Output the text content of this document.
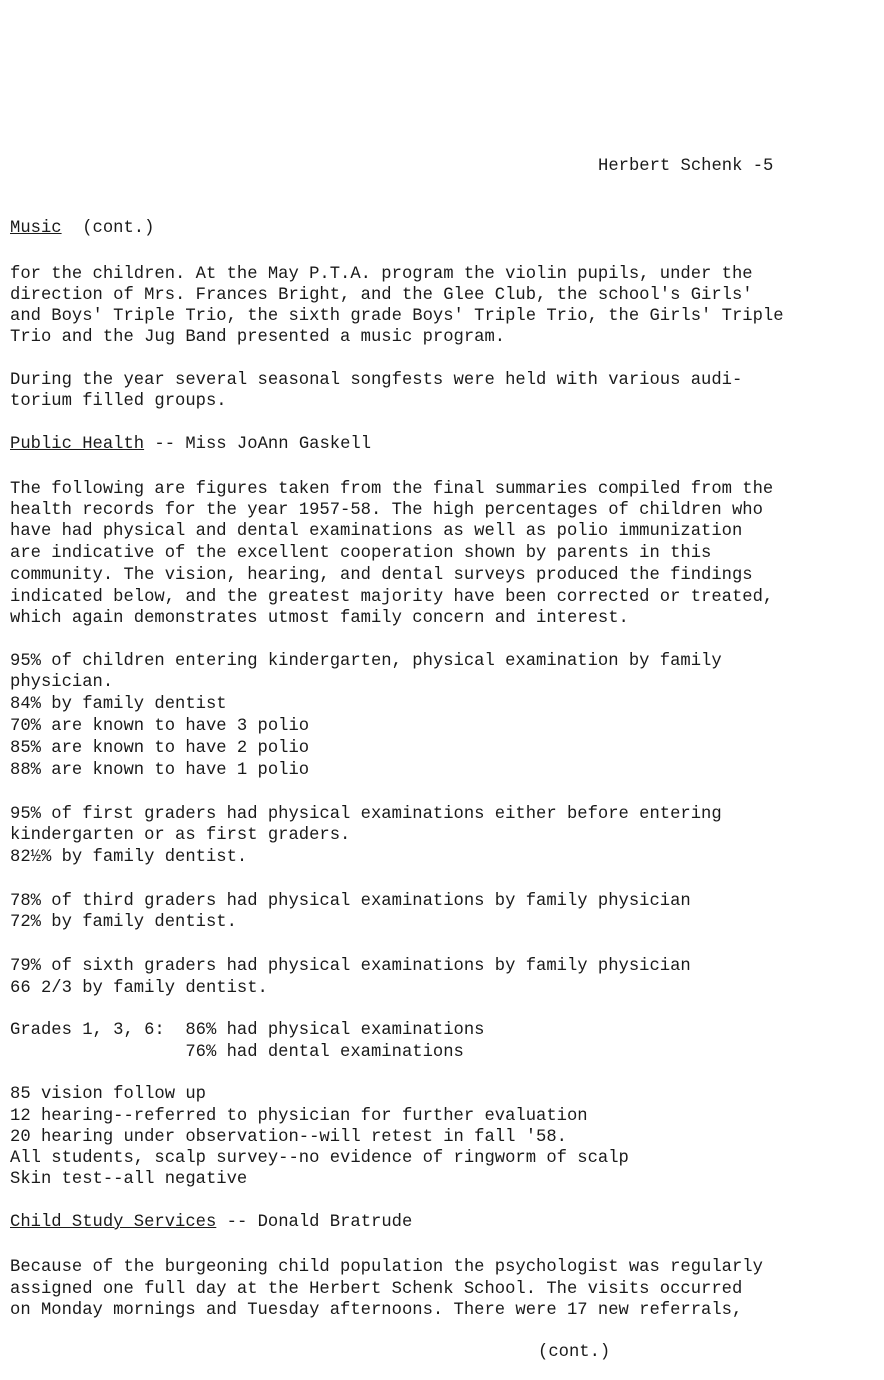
Herbert Schenk -5
Music (cont.)
for the children. At the May P.T.A. program the violin pupils, under the
direction of Mrs. Frances Bright, and the Glee Club, the school's Girls'
and Boys' Triple Trio, the sixth grade Boys' Triple Trio, the Girls' Triple
Trio and the Jug Band presented a music program.
During the year several seasonal songfests were held with various audi-
torium filled groups.
Public Health -- Miss JoAnn Gaskell
The following are figures taken from the final summaries compiled from the
health records for the year 1957-58. The high percentages of children who
have had physical and dental examinations as well as polio immunization
are indicative of the excellent cooperation shown by parents in this
community. The vision, hearing, and dental surveys produced the findings
indicated below, and the greatest majority have been corrected or treated,
which again demonstrates utmost family concern and interest.
95% of children entering kindergarten, physical examination by family
physician.
84% by family dentist
70% are known to have 3 polio
85% are known to have 2 polio
88% are known to have 1 polio
95% of first graders had physical examinations either before entering
kindergarten or as first graders.
82½% by family dentist.
78% of third graders had physical examinations by family physician
72% by family dentist.
79% of sixth graders had physical examinations by family physician
66 2/3 by family dentist.
Grades 1, 3, 6:  86% had physical examinations
76% had dental examinations
85 vision follow up
12 hearing--referred to physician for further evaluation
20 hearing under observation--will retest in fall '58.
All students, scalp survey--no evidence of ringworm of scalp
Skin test--all negative
Child Study Services -- Donald Bratrude
Because of the burgeoning child population the psychologist was regularly
assigned one full day at the Herbert Schenk School. The visits occurred
on Monday mornings and Tuesday afternoons. There were 17 new referrals,
(cont.)
